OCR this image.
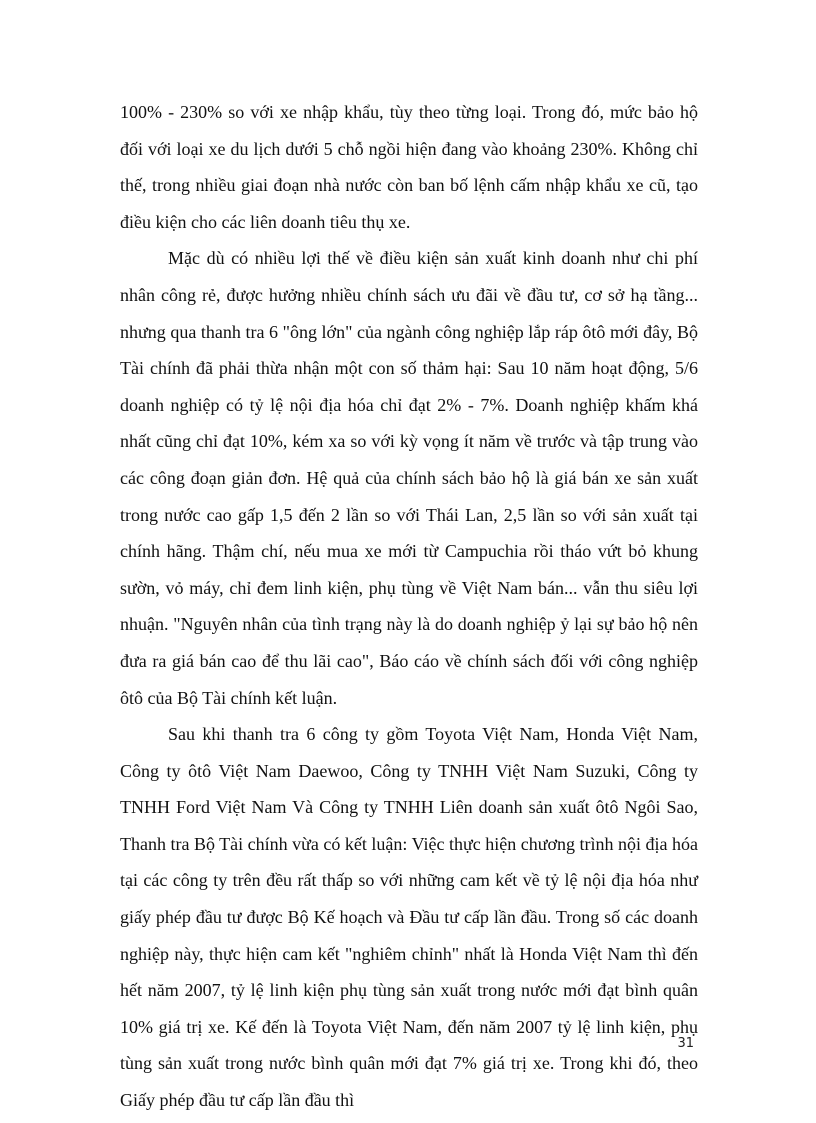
100% - 230% so với xe nhập khẩu, tùy theo từng loại. Trong đó, mức bảo hộ đối với loại xe du lịch dưới 5 chỗ ngồi hiện đang vào khoảng 230%. Không chỉ thế, trong nhiều giai đoạn nhà nước còn ban bố lệnh cấm nhập khẩu xe cũ, tạo điều kiện cho các liên doanh tiêu thụ xe.

Mặc dù có nhiều lợi thế về điều kiện sản xuất kinh doanh như chi phí nhân công rẻ, được hưởng nhiều chính sách ưu đãi về đầu tư, cơ sở hạ tầng... nhưng qua thanh tra 6 "ông lớn" của ngành công nghiệp lắp ráp ôtô mới đây, Bộ Tài chính đã phải thừa nhận một con số thảm hại: Sau 10 năm hoạt động, 5/6 doanh nghiệp có tỷ lệ nội địa hóa chỉ đạt 2% - 7%. Doanh nghiệp khấm khá nhất cũng chỉ đạt 10%, kém xa so với kỳ vọng ít năm về trước và tập trung vào các công đoạn giản đơn. Hệ quả của chính sách bảo hộ là giá bán xe sản xuất trong nước cao gấp 1,5 đến 2 lần so với Thái Lan, 2,5 lần so với sản xuất tại chính hãng. Thậm chí, nếu mua xe mới từ Campuchia rồi tháo vứt bỏ khung sườn, vỏ máy, chỉ đem linh kiện, phụ tùng về Việt Nam bán... vẫn thu siêu lợi nhuận. "Nguyên nhân của tình trạng này là do doanh nghiệp ỷ lại sự bảo hộ nên đưa ra giá bán cao để thu lãi cao", Báo cáo về chính sách đối với công nghiệp ôtô của Bộ Tài chính kết luận.

Sau khi thanh tra 6 công ty gồm Toyota Việt Nam, Honda Việt Nam, Công ty ôtô Việt Nam Daewoo, Công ty TNHH Việt Nam Suzuki, Công ty TNHH Ford Việt Nam Và Công ty TNHH Liên doanh sản xuất ôtô Ngôi Sao, Thanh tra Bộ Tài chính vừa có kết luận: Việc thực hiện chương trình nội địa hóa tại các công ty trên đều rất thấp so với những cam kết về tỷ lệ nội địa hóa như giấy phép đầu tư được Bộ Kế hoạch và Đầu tư cấp lần đầu. Trong số các doanh nghiệp này, thực hiện cam kết "nghiêm chỉnh" nhất là Honda Việt Nam thì đến hết năm 2007, tỷ lệ linh kiện phụ tùng sản xuất trong nước mới đạt bình quân 10% giá trị xe. Kế đến là Toyota Việt Nam, đến năm 2007 tỷ lệ linh kiện, phụ tùng sản xuất trong nước bình quân mới đạt 7% giá trị xe. Trong khi đó, theo Giấy phép đầu tư cấp lần đầu thì

31
